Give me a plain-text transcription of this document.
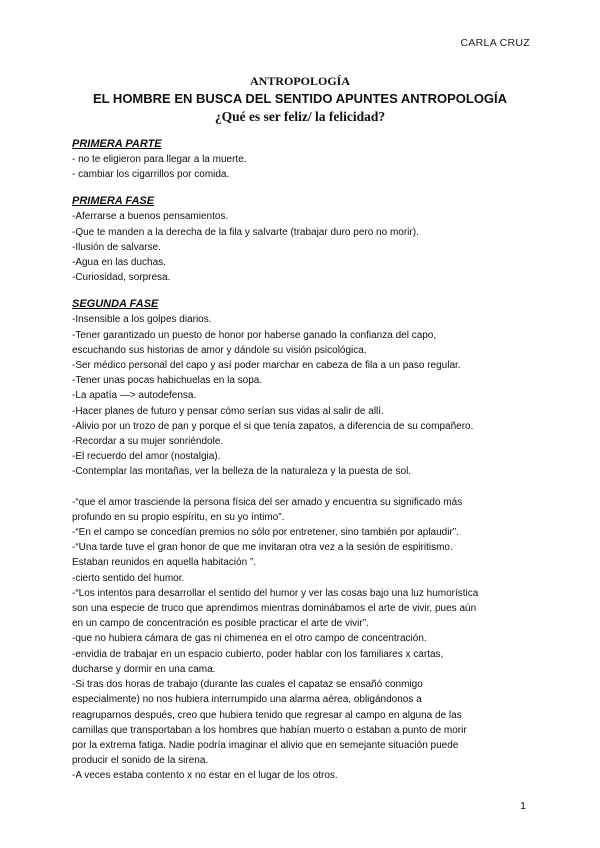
CARLA CRUZ
ANTROPOLOGÍA
EL HOMBRE EN BUSCA DEL SENTIDO APUNTES ANTROPOLOGÍA
¿Qué es ser feliz/ la felicidad?
PRIMERA PARTE
- no te eligieron para llegar a la muerte.
- cambiar los cigarrillos por comida.
PRIMERA FASE
-Aferrarse a buenos pensamientos.
-Que te manden a la derecha de la fila y salvarte (trabajar duro pero no morir).
-Ilusión de salvarse.
-Agua en las duchas.
-Curiosidad, sorpresa.
SEGUNDA FASE
-Insensible a los golpes diarios.
-Tener garantizado un puesto de honor por haberse ganado la confianza del capo,
escuchando sus historias de amor y dándole su visión psicológica.
-Ser médico personal del capo y así poder marchar en cabeza de fila a un paso regular.
-Tener unas pocas habichuelas en la sopa.
-La apatía —> autodefensa.
-Hacer planes de futuro y pensar cómo serían sus vidas al salir de allí.
-Alivio por un trozo de pan y porque el si que tenía zapatos, a diferencia de su compañero.
-Recordar a su mujer sonriéndole.
-El recuerdo del amor (nostalgia).
-Contemplar las montañas, ver la belleza de la naturaleza y la puesta de sol.
-“que el amor trasciende la persona física del ser amado y encuentra su significado más
profundo en su propio espíritu, en su yo íntimo”.
-“En el campo se concedían premios no sólo por entretener, sino también por aplaudir”.
-“Una tarde tuve el gran honor de que me invitaran otra vez a la sesión de espiritismo.
Estaban reunidos en aquella habitación ”.
-cierto sentido del humor.
-“Los intentos para desarrollar el sentido del humor y ver las cosas bajo una luz humorística
son una especie de truco que aprendimos mientras dominábamos el arte de vivir, pues aún
en un campo de concentración es posible practicar el arte de vivir”.
-que no hubiera cámara de gas ni chimenea en el otro campo de concentración.
-envidia de trabajar en un espacio cubierto, poder hablar con los familiares x cartas,
ducharse y dormir en una cama.
-Si tras dos horas de trabajo (durante las cuales el capataz se ensañó conmigo
especialmente) no nos hubiera interrumpido una alarma aérea, obligándonos a
reagruparnos después, creo que hubiera tenido que regresar al campo en alguna de las
camillas que transportaban a los hombres que habían muerto o estaban a punto de morir
por la extrema fatiga. Nadie podría imaginar el alivio que en semejante situación puede
producir el sonido de la sirena.
-A veces estaba contento x no estar en el lugar de los otros.
1
